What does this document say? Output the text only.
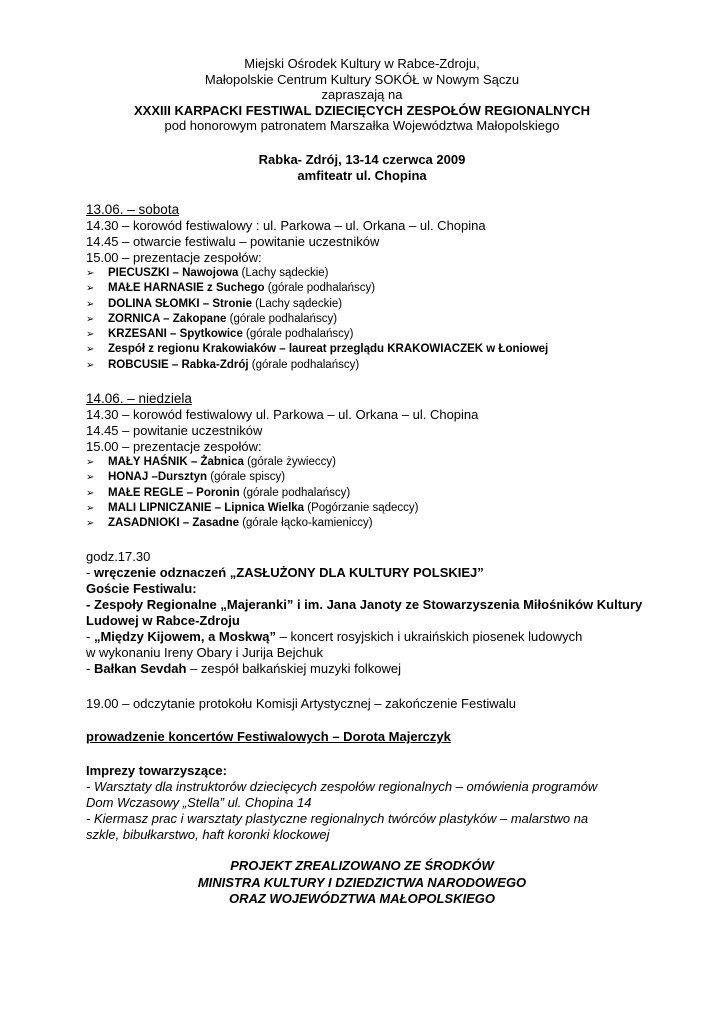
Miejski Ośrodek Kultury w Rabce-Zdroju,
Małopolskie Centrum Kultury SOKÓŁ w Nowym Sączu
zapraszają na
XXXIII KARPACKI FESTIWAL DZIECIĘCYCH ZESPOŁÓW REGIONALNYCH
pod honorowym patronatem Marszałka Województwa Małopolskiego
Rabka- Zdrój, 13-14 czerwca 2009
amfiteatr ul. Chopina
13.06. – sobota
14.30 – korowód festiwalowy : ul. Parkowa – ul. Orkana – ul. Chopina
14.45 – otwarcie festiwalu – powitanie uczestników
15.00 – prezentacje zespołów:
➢ PIECUSZKI – Nawojowa (Lachy sądeckie)
➢ MAŁE HARNASIE z Suchego (górale podhalańscy)
➢ DOLINA SŁOMKI – Stronie (Lachy sądeckie)
➢ ZORNICA – Zakopane (górale podhalańscy)
➢ KRZESANI – Spytkowice (górale podhalańscy)
➢ Zespół z regionu Krakowiaków – laureat przeglądu KRAKOWIACZEK w Łoniowej
➢ ROBCUSIE – Rabka-Zdrój (górale podhalańscy)
14.06. – niedziela
14.30 – korowód festiwalowy ul. Parkowa – ul. Orkana – ul. Chopina
14.45 – powitanie uczestników
15.00 – prezentacje zespołów:
➢ MAŁY HAŚNIK – Żabnica (górale żywieccy)
➢ HONAJ –Dursztyn (górale spiscy)
➢ MAŁE REGLE – Poronin (górale podhalańscy)
➢ MALI LIPNICZANIE – Lipnica Wielka (Pogórzanie sądeccy)
➢ ZASADNIOKI – Zasadne (górale łącko-kamieniccy)
godz.17.30
- wręczenie odznaczeń „ZASŁUŻONY DLA KULTURY POLSKIEJ”
Goście Festiwalu:
- Zespoły Regionalne „Majeranki” i im. Jana Janoty ze Stowarzyszenia Miłośników Kultury
Ludowej w Rabce-Zdroju
- „Między Kijowem, a Moskwą” – koncert rosyjskich i ukraińskich piosenek ludowych
w wykonaniu Ireny Obary i Jurija Bejchuk
- Bałkan Sevdah – zespół bałkańskiej muzyki folkowej
19.00 – odczytanie protokołu Komisji Artystycznej – zakończenie Festiwalu
prowadzenie koncertów Festiwalowych – Dorota Majerczyk
Imprezy towarzyszące:
- Warsztaty dla instruktorów dziecięcych zespołów regionalnych – omówienia programów
Dom Wczasowy „Stella” ul. Chopina 14
- Kiermasz prac i warsztaty plastyczne regionalnych twórców plastyków – malarstwo na
szkle, bibułkarstwo, haft koronki klockowej
PROJEKT ZREALIZOWANO ZE ŚRODKÓW
MINISTRA KULTURY I DZIEDZICTWA NARODOWEGO
ORAZ WOJEWÓDZTWA MAŁOPOLSKIEGO
